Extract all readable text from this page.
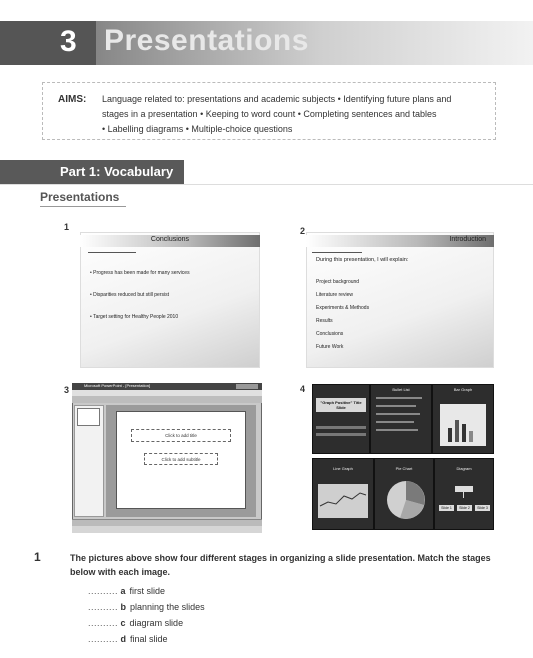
3 Presentations
AIMS: Language related to: presentations and academic subjects • Identifying future plans and
stages in a presentation • Keeping to word count • Completing sentences and tables
• Labelling diagrams • Multiple-choice questions
Part 1: Vocabulary
Presentations
1
Conclusions
• Progress has been made for many services
• Disparities reduced but still persist
• Target setting for Healthy People 2010
2
Introduction
During this presentation, I will explain:
Project background
Literature review
Experiments & Methods
Results
Conclusions
Future Work
3	Microsoft PowerPoint - [Presentation]
Click to add title
Click to add subtitle
4
"Graph Positive" Title Slide
Bullet List	Bar Graph
Line Graph	Pie Chart	Diagram
Slide 1	Slide 2	Slide 3
1	The pictures above show four different stages in organizing a slide presentation. Match the stages below with each image.
.......... a first slide
.......... b planning the slides
.......... c diagram slide
.......... d final slide
